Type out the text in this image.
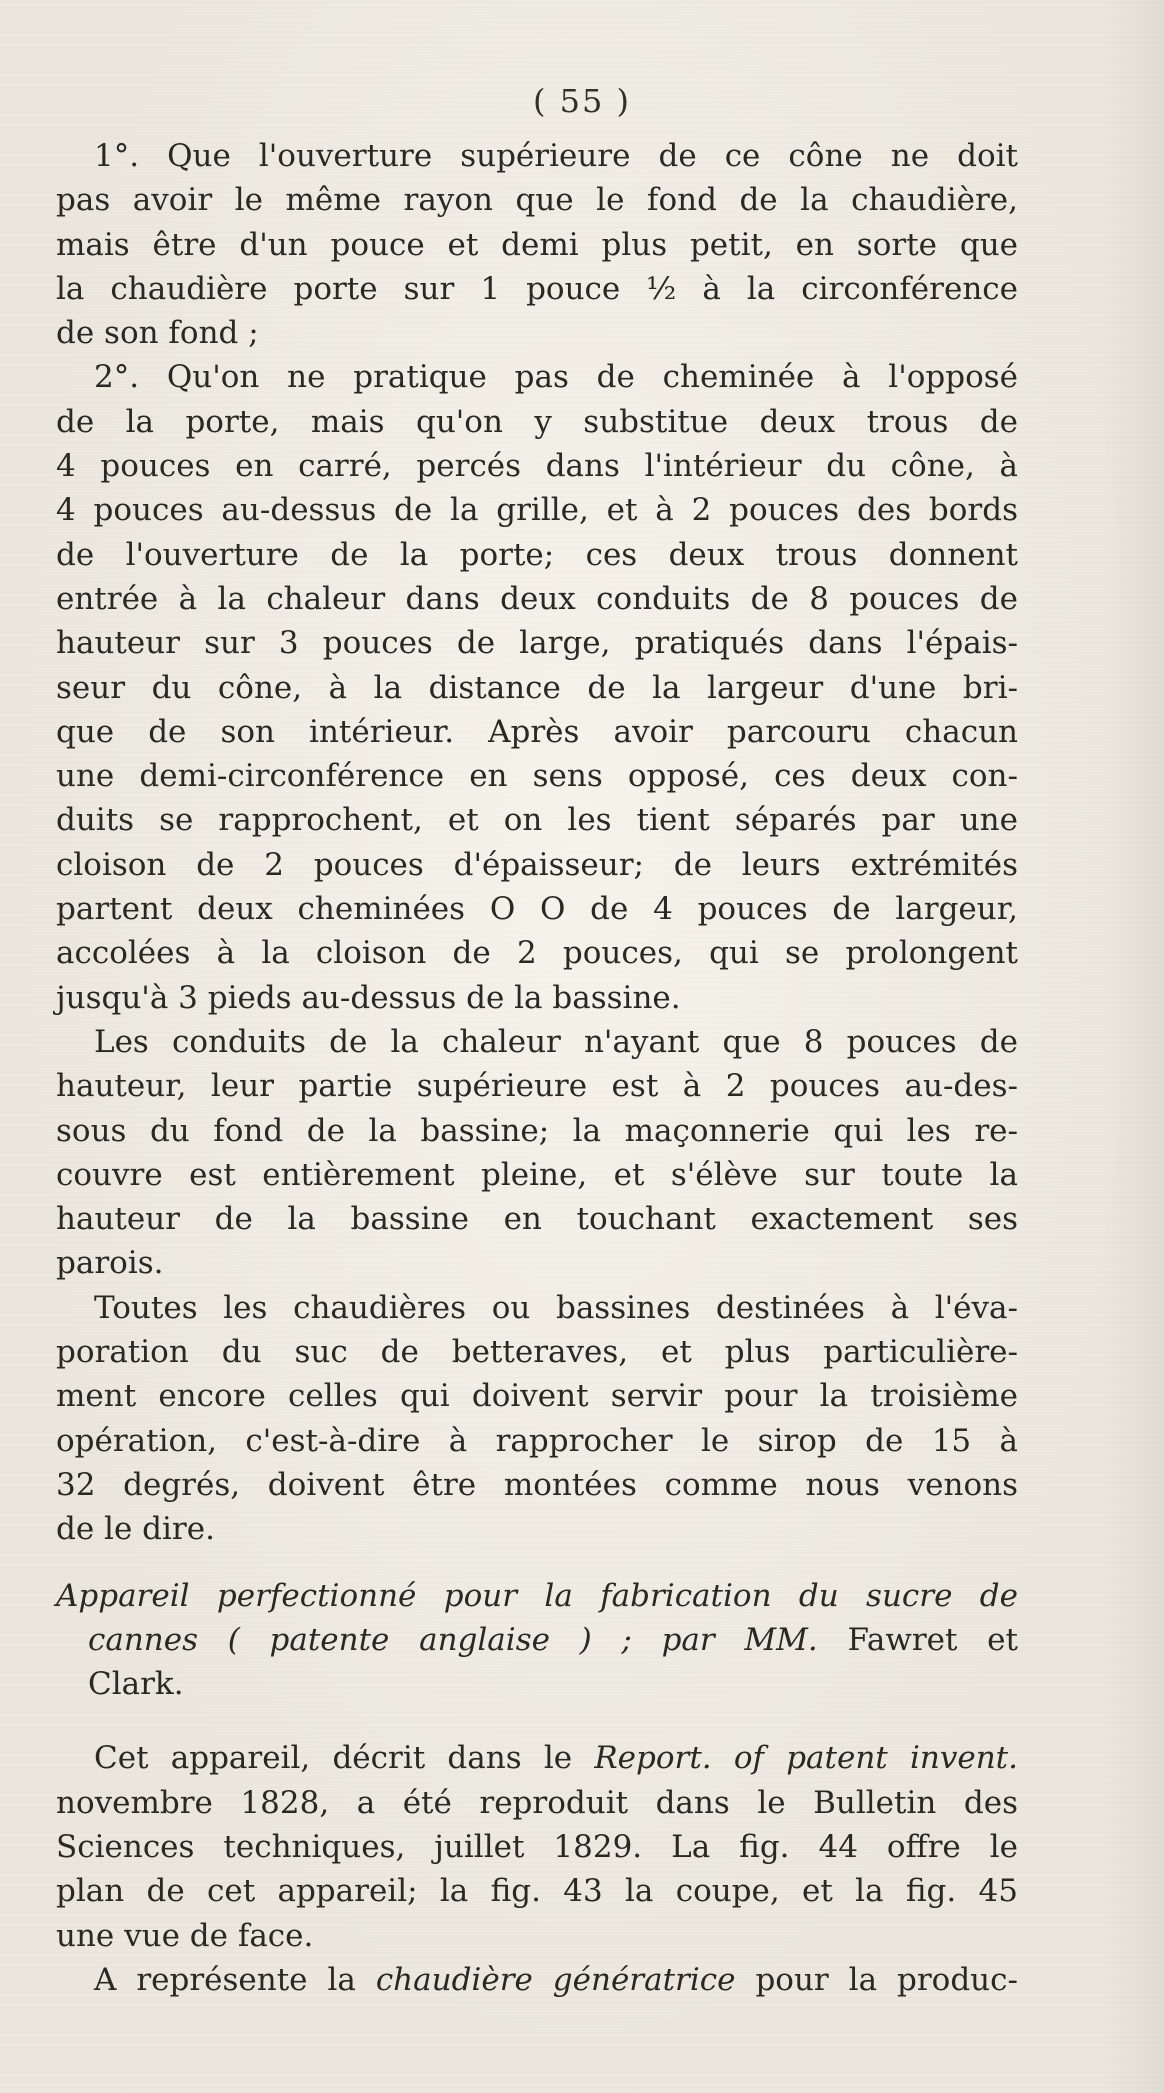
( 55 )
1°. Que l'ouverture supérieure de ce cône ne doit
pas avoir le même rayon que le fond de la chaudière,
mais être d'un pouce et demi plus petit, en sorte que
la chaudière porte sur 1 pouce ½ à la circonférence
de son fond ;
2°. Qu'on ne pratique pas de cheminée à l'opposé
de la porte, mais qu'on y substitue deux trous de
4 pouces en carré, percés dans l'intérieur du cône, à
4 pouces au-dessus de la grille, et à 2 pouces des bords
de l'ouverture de la porte; ces deux trous donnent
entrée à la chaleur dans deux conduits de 8 pouces de
hauteur sur 3 pouces de large, pratiqués dans l'épais-
seur du cône, à la distance de la largeur d'une bri-
que de son intérieur. Après avoir parcouru chacun
une demi-circonférence en sens opposé, ces deux con-
duits se rapprochent, et on les tient séparés par une
cloison de 2 pouces d'épaisseur; de leurs extrémités
partent deux cheminées O O de 4 pouces de largeur,
accolées à la cloison de 2 pouces, qui se prolongent
jusqu'à 3 pieds au-dessus de la bassine.
Les conduits de la chaleur n'ayant que 8 pouces de
hauteur, leur partie supérieure est à 2 pouces au-des-
sous du fond de la bassine; la maçonnerie qui les re-
couvre est entièrement pleine, et s'élève sur toute la
hauteur de la bassine en touchant exactement ses
parois.
Toutes les chaudières ou bassines destinées à l'éva-
poration du suc de betteraves, et plus particulière-
ment encore celles qui doivent servir pour la troisième
opération, c'est-à-dire à rapprocher le sirop de 15 à
32 degrés, doivent être montées comme nous venons
de le dire.
Appareil perfectionné pour la fabrication du sucre de
cannes ( patente anglaise ) ; par MM. Fawret et
Clark.
Cet appareil, décrit dans le Report. of patent invent.
novembre 1828, a été reproduit dans le Bulletin des
Sciences techniques, juillet 1829. La fig. 44 offre le
plan de cet appareil; la fig. 43 la coupe, et la fig. 45
une vue de face.
A représente la chaudière génératrice pour la produc-
